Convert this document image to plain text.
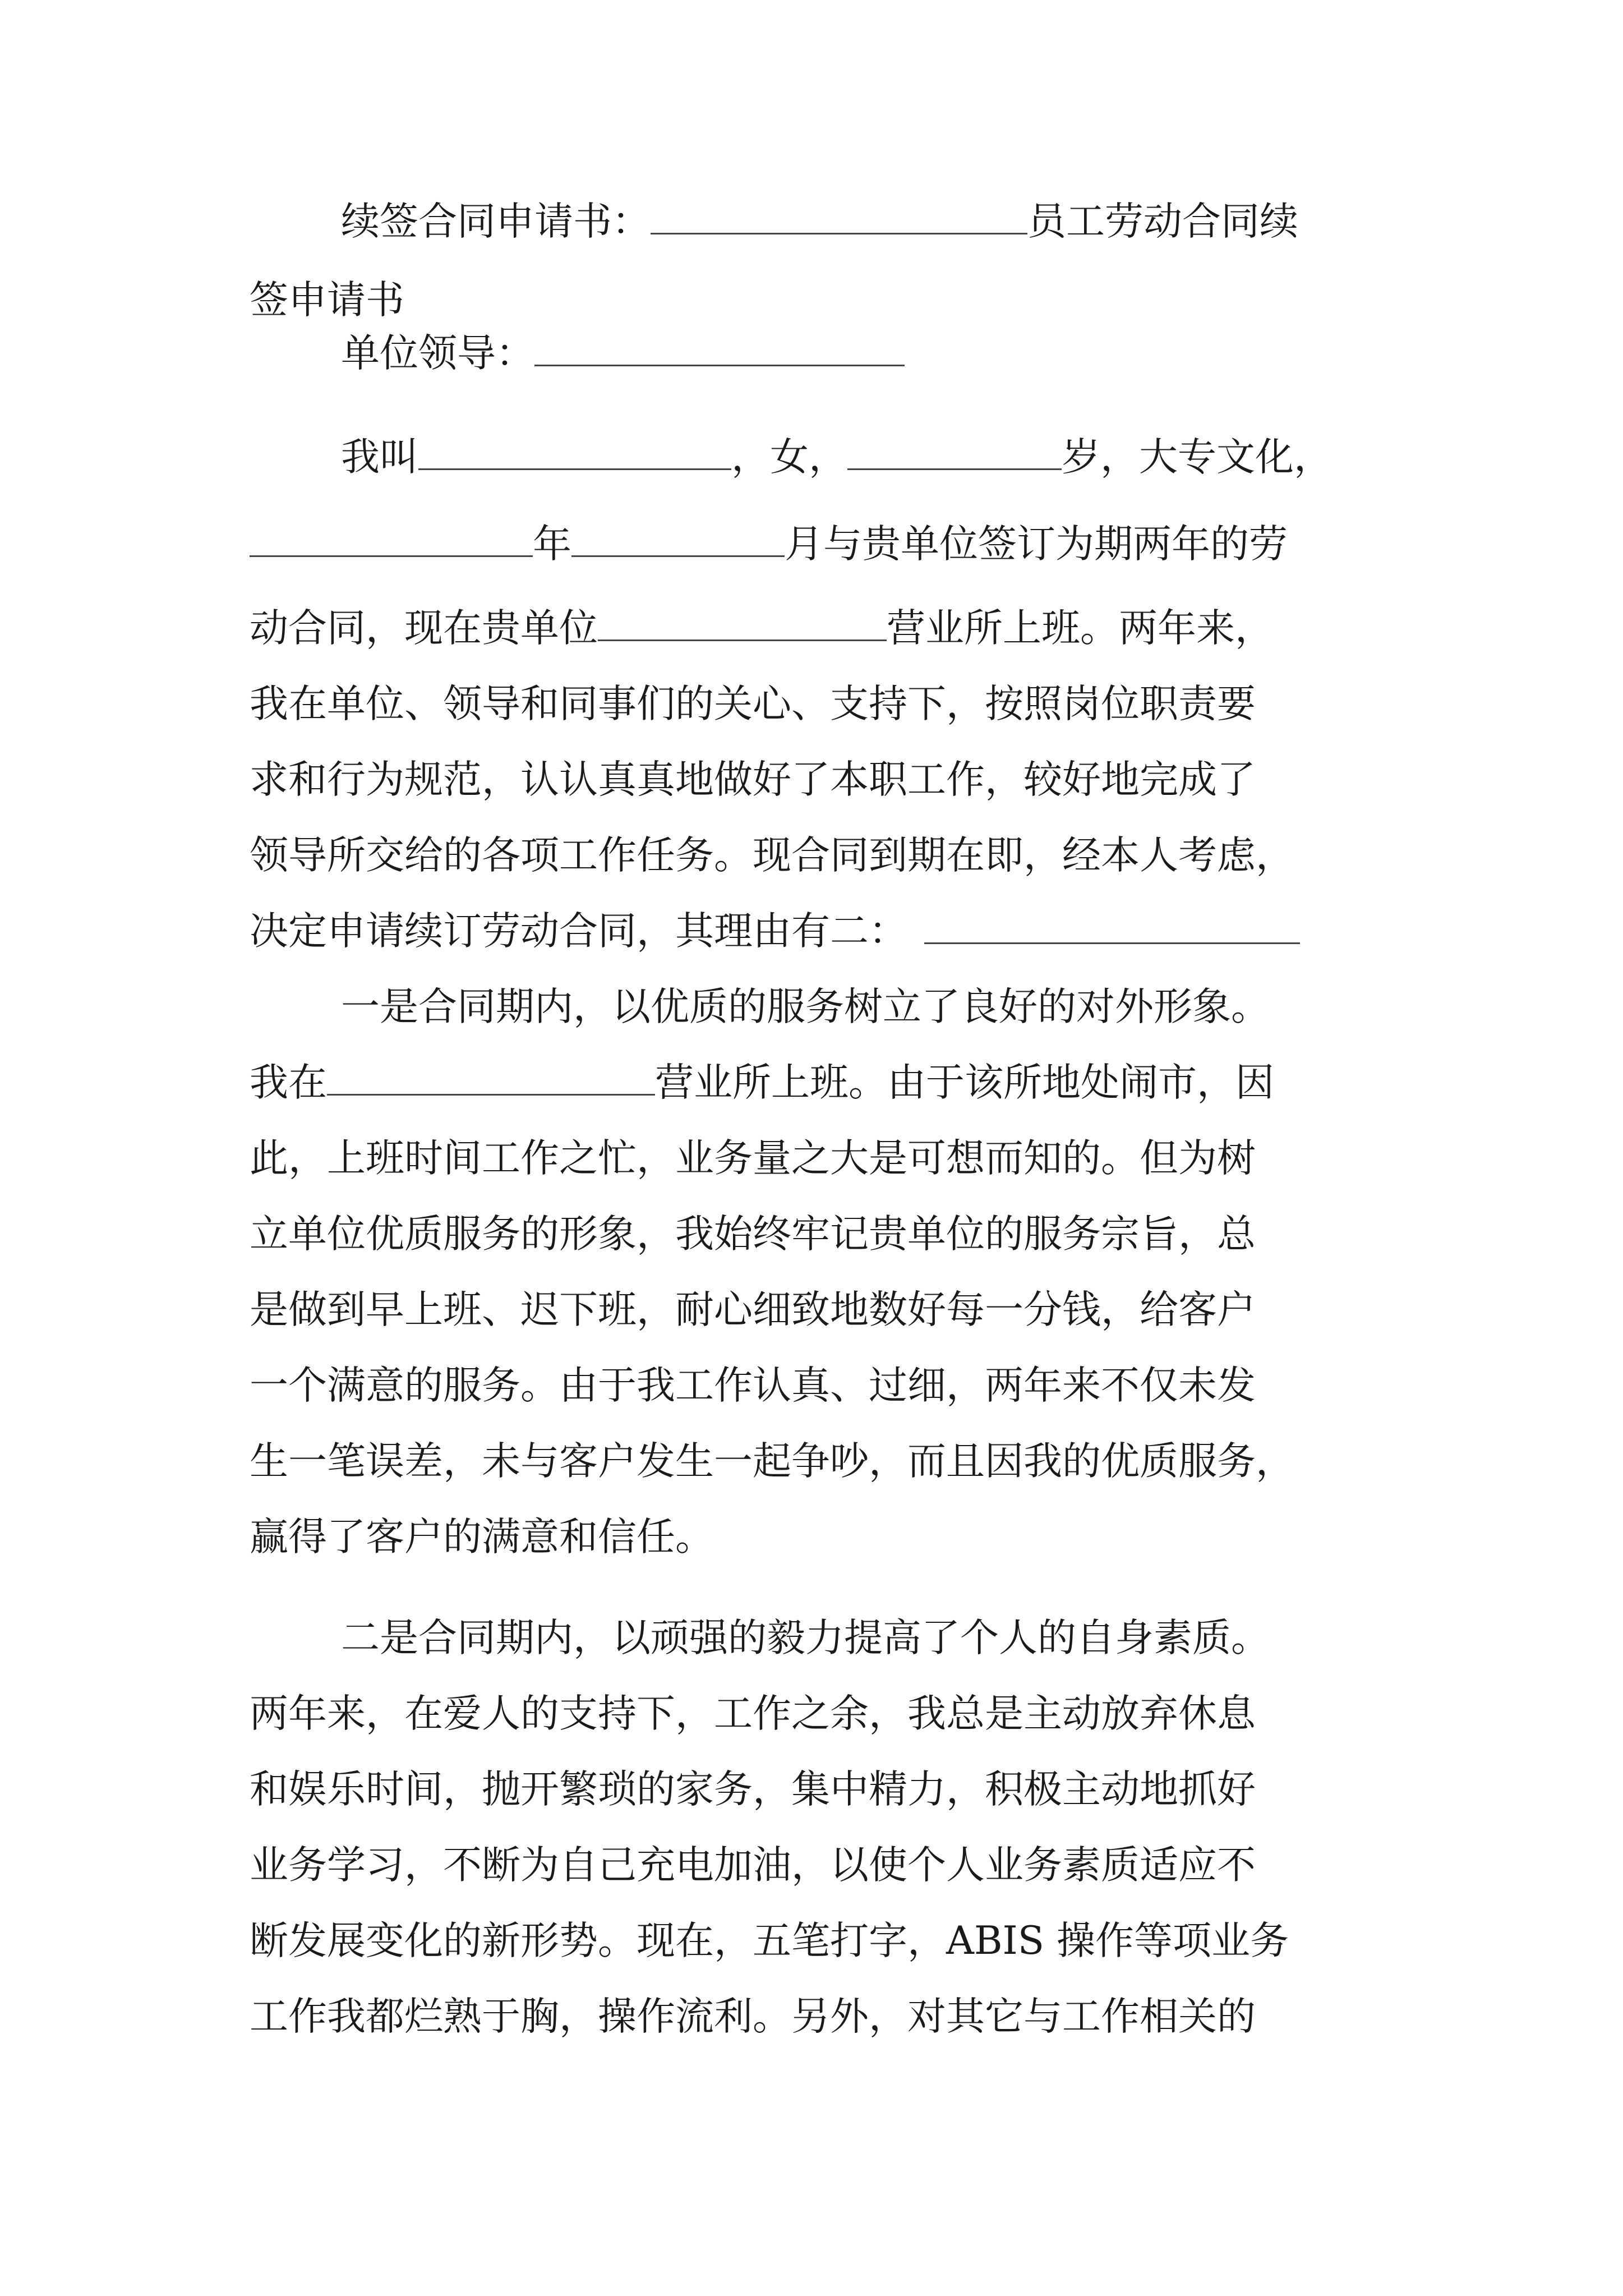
续签合同申请书：	员工劳动合同续
签申请书
单位领导：
我叫	，女，	岁，大专文化，
年	月与贵单位签订为期两年的劳
动合同，现在贵单位	营业所上班。两年来，
我在单位、领导和同事们的关心、支持下，按照岗位职责要
求和行为规范，认认真真地做好了本职工作，较好地完成了
领导所交给的各项工作任务。现合同到期在即，经本人考虑，
决定申请续订劳动合同，其理由有二：
一是合同期内，以优质的服务树立了良好的对外形象。
我在	营业所上班。由于该所地处闹市，因
此，上班时间工作之忙，业务量之大是可想而知的。但为树
立单位优质服务的形象，我始终牢记贵单位的服务宗旨，总
是做到早上班、迟下班，耐心细致地数好每一分钱，给客户
一个满意的服务。由于我工作认真、过细，两年来不仅未发
生一笔误差，未与客户发生一起争吵，而且因我的优质服务，
赢得了客户的满意和信任。
二是合同期内，以顽强的毅力提高了个人的自身素质。
两年来，在爱人的支持下，工作之余，我总是主动放弃休息
和娱乐时间，抛开繁琐的家务，集中精力，积极主动地抓好
业务学习，不断为自己充电加油，以使个人业务素质适应不
断发展变化的新形势。现在，五笔打字，ABIS 操作等项业务
工作我都烂熟于胸，操作流利。另外，对其它与工作相关的
